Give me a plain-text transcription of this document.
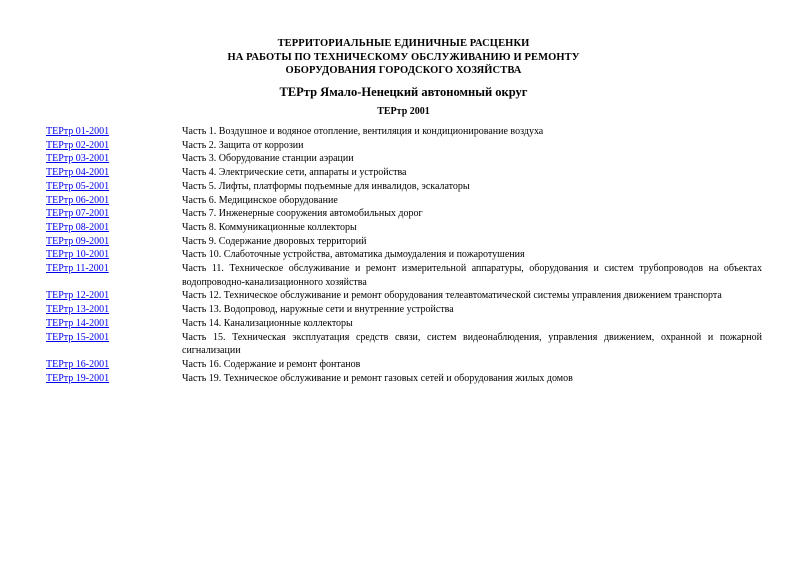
ТЕРРИТОРИАЛЬНЫЕ ЕДИНИЧНЫЕ РАСЦЕНКИ
НА РАБОТЫ ПО ТЕХНИЧЕСКОМУ ОБСЛУЖИВАНИЮ И РЕМОНТУ
ОБОРУДОВАНИЯ ГОРОДСКОГО ХОЗЯЙСТВА
ТЕРтр Ямало-Ненецкий автономный округ
ТЕРтр 2001
ТЕРтр 01-2001	Часть 1. Воздушное и водяное отопление, вентиляция и кондиционирование воздуха
ТЕРтр 02-2001	Часть 2. Защита от коррозии
ТЕРтр 03-2001	Часть 3. Оборудование станции аэрации
ТЕРтр 04-2001	Часть 4. Электрические сети, аппараты и устройства
ТЕРтр 05-2001	Часть 5. Лифты, платформы подъемные для инвалидов, эскалаторы
ТЕРтр 06-2001	Часть 6. Медицинское оборудование
ТЕРтр 07-2001	Часть 7. Инженерные сооружения автомобильных дорог
ТЕРтр 08-2001	Часть 8. Коммуникационные коллекторы
ТЕРтр 09-2001	Часть 9. Содержание дворовых территорий
ТЕРтр 10-2001	Часть 10. Слаботочные устройства, автоматика дымоудаления и пожаротушения
ТЕРтр 11-2001	Часть 11. Техническое обслуживание и ремонт измерительной аппаратуры, оборудования и систем трубопроводов на объектах водопроводно-канализационного хозяйства
ТЕРтр 12-2001	Часть 12. Техническое обслуживание и ремонт оборудования телеавтоматической системы управления движением транспорта
ТЕРтр 13-2001	Часть 13. Водопровод, наружные сети и внутренние устройства
ТЕРтр 14-2001	Часть 14. Канализационные коллекторы
ТЕРтр 15-2001	Часть 15. Техническая эксплуатация средств связи, систем видеонаблюдения, управления движением, охранной и пожарной сигнализации
ТЕРтр 16-2001	Часть 16. Содержание и ремонт фонтанов
ТЕРтр 19-2001	Часть 19. Техническое обслуживание и ремонт газовых сетей и оборудования жилых домов
